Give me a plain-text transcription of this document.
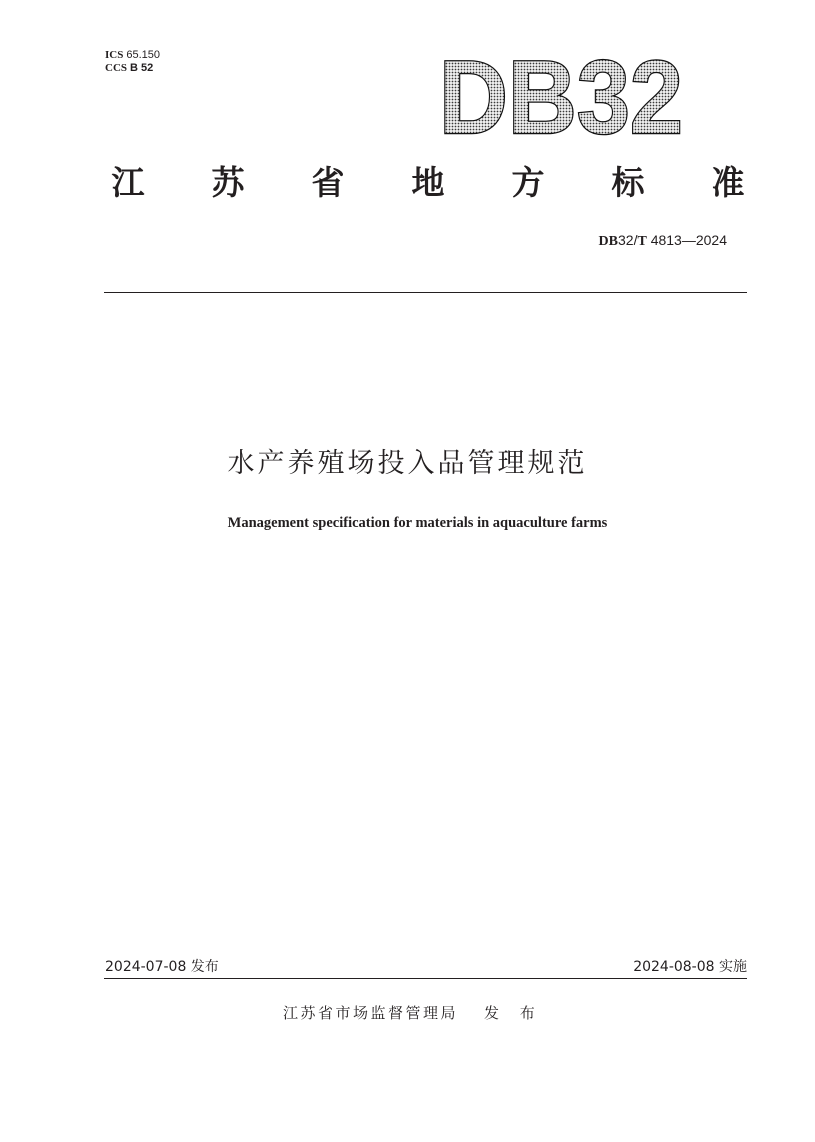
ICS 65.150
CCS B 52	DB32
江 苏 省 地 方 标 准
DB32/T 4813—2024
水产养殖场投入品管理规范
Management specification for materials in aquaculture farms
2024-07-08 发布	2024-08-08 实施
江苏省市场监督管理局 发 布
